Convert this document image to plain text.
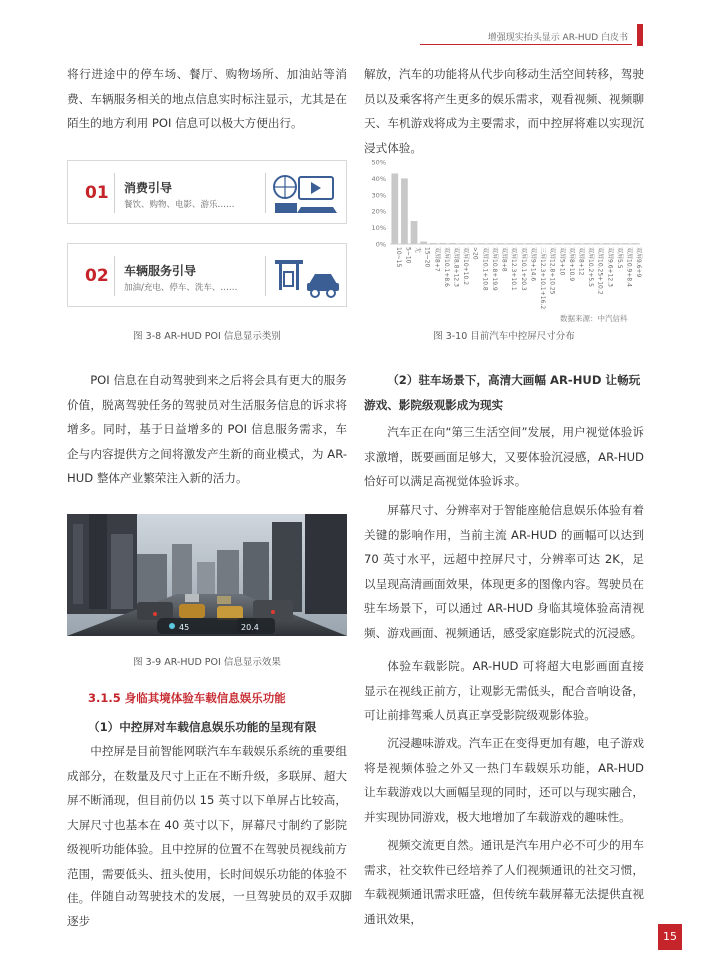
增强现实抬头显示 AR-HUD 白皮书

将行进途中的停车场、餐厅、购物场所、加油站等消费、车辆服务相关的地点信息实时标注显示，尤其是在陌生的地方利用 POI 信息可以极大方便出行。

01 消费引导
餐饮、购物、电影、游乐……
02 车辆服务引导
加油/充电、停车、洗车、……
图 3-8 AR-HUD POI 信息显示类别

POI 信息在自动驾驶到来之后将会具有更大的服务价值，脱离驾驶任务的驾驶员对生活服务信息的诉求将增多。同时，基于日益增多的 POI 信息服务需求，车企与内容提供方之间将激发产生新的商业模式，为 AR-HUD 整体产业繁荣注入新的活力。

45	20.4
图 3-9 AR-HUD POI 信息显示效果
3.1.5 身临其境体验车载信息娱乐功能
（1）中控屏对车载信息娱乐功能的呈现有限

中控屏是目前智能网联汽车车载娱乐系统的重要组成部分，在数量及尺寸上正在不断升级，多联屏、超大屏不断涌现，但目前仍以 15 英寸以下单屏占比较高，大屏尺寸也基本在 40 英寸以下，屏幕尺寸制约了影院级视听功能体验。且中控屏的位置不在驾驶员视线前方范围，需要低头、扭头使用，长时间娱乐功能的体验不佳。 伴随自动驾驶技术的发展，一旦驾驶员的双手双脚逐步

解放，汽车的功能将从代步向移动生活空间转移，驾驶员以及乘客将产生更多的娱乐需求，观看视频、视频聊天、车机游戏将成为主要需求，而中控屏将难以实现沉浸式体验。

0%
10%
20%
30%
40%
50%
10~15 5~10 无 15~20 双屏8+7 双屏10.1+8.6 双屏8.8+12.3 双屏10+10.2 >20 双屏10.1+10.8 双屏10.8+19.9 双屏8+8 双屏12.3+10.1 双屏10.1+20.3 双屏9+14.6 三屏12.3+10.1+16.2 双屏12.8+10.25 双屏5+10 双屏8+10.9 双屏8+12 双屏10.2+5.5 双屏10.25+10.2 双屏9.6+12.3 双屏5.5 双屏10.9+8.4 双屏9.6+9
数据来源：中汽信科
图 3-10 目前汽车中控屏尺寸分布

（2）驻车场景下，高清大画幅 AR-HUD 让畅玩游戏、影院级观影成为现实

汽车正在向“第三生活空间”发展，用户视觉体验诉求激增，既要画面足够大，又要体验沉浸感，AR-HUD 恰好可以满足高视觉体验诉求。

屏幕尺寸、分辨率对于智能座舱信息娱乐体验有着关键的影响作用，当前主流 AR-HUD 的画幅可以达到 70 英寸水平，远超中控屏尺寸，分辨率可达 2K，足以呈现高清画面效果，体现更多的图像内容。驾驶员在驻车场景下，可以通过 AR-HUD 身临其境体验高清视频、游戏画面、视频通话，感受家庭影院式的沉浸感。

体验车载影院。AR-HUD 可将超大电影画面直接显示在视线正前方，让观影无需低头，配合音响设备，可让前排驾乘人员真正享受影院级观影体验。

沉浸趣味游戏。汽车正在变得更加有趣，电子游戏将是视频体验之外又一热门车载娱乐功能，AR-HUD 让车载游戏以大画幅呈现的同时，还可以与现实融合，并实现协同游戏，极大地增加了车载游戏的趣味性。

视频交流更自然。通讯是汽车用户必不可少的用车需求，社交软件已经培养了人们视频通讯的社交习惯，车载视频通讯需求旺盛，但传统车载屏幕无法提供直视通讯效果，

15
